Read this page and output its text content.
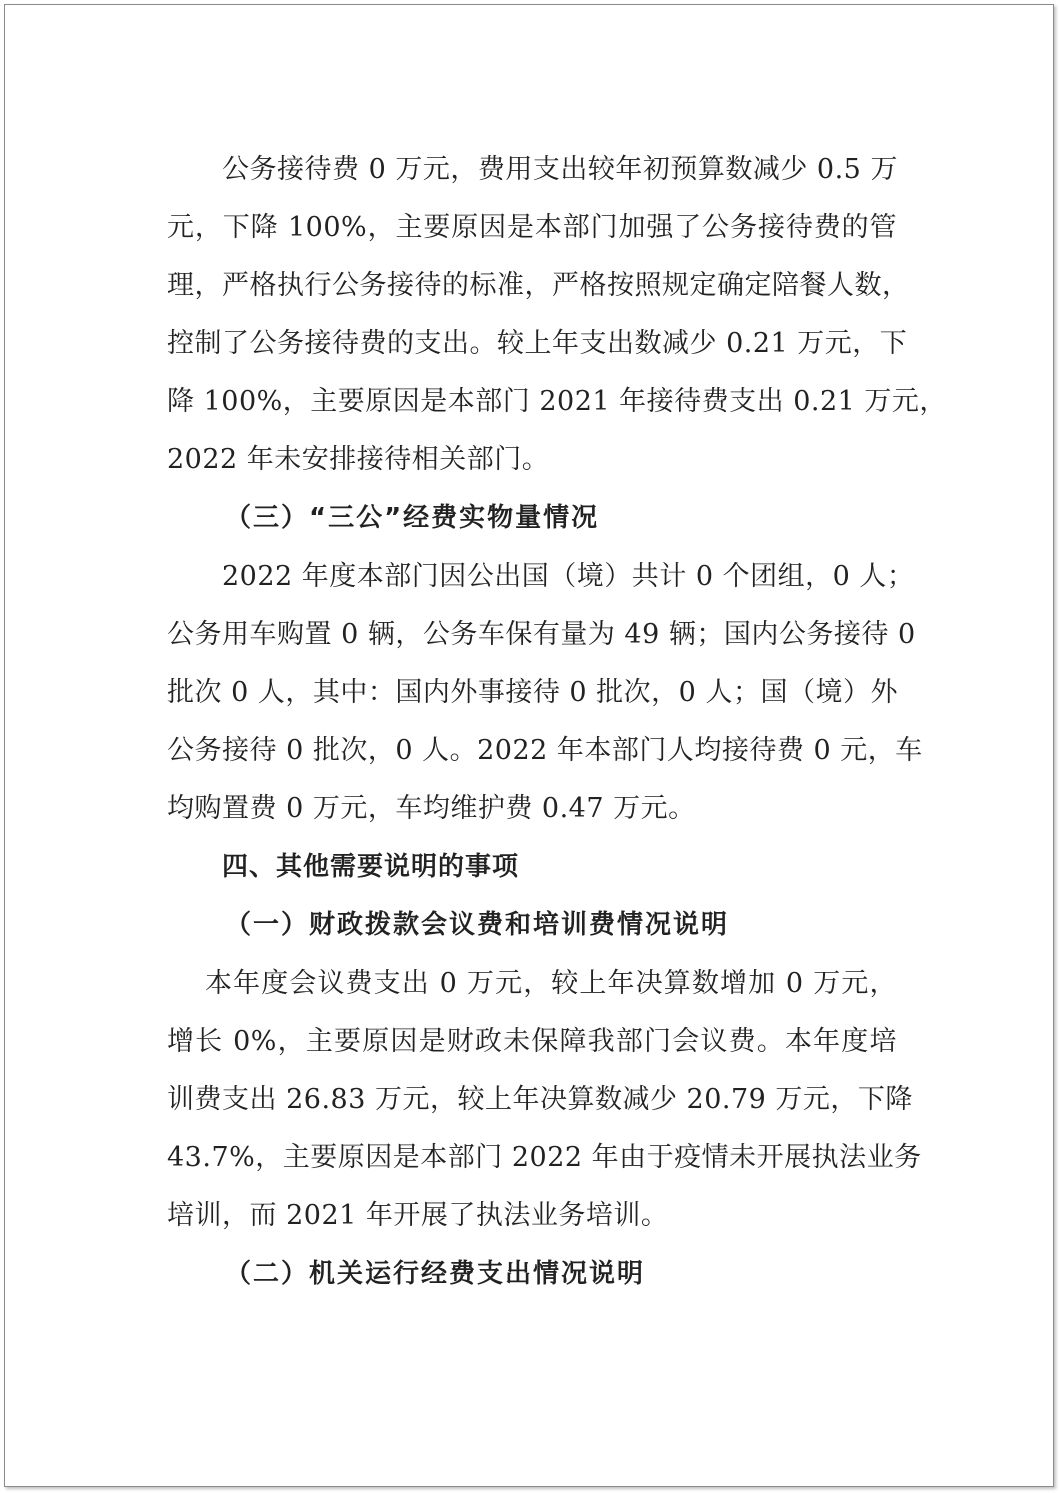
公务接待费 0 万元，费用支出较年初预算数减少 0.5 万
元，下降 100%，主要原因是本部门加强了公务接待费的管
理，严格执行公务接待的标准，严格按照规定确定陪餐人数，
控制了公务接待费的支出。较上年支出数减少 0.21 万元，下
降 100%，主要原因是本部门 2021 年接待费支出 0.21 万元，
2022 年未安排接待相关部门。
（三）“三公”经费实物量情况
2022 年度本部门因公出国（境）共计 0 个团组，0 人；
公务用车购置 0 辆，公务车保有量为 49 辆；国内公务接待 0
批次 0 人，其中：国内外事接待 0 批次，0 人；国（境）外
公务接待 0 批次，0 人。2022 年本部门人均接待费 0 元，车
均购置费 0 万元，车均维护费 0.47 万元。
四、其他需要说明的事项
（一）财政拨款会议费和培训费情况说明
本年度会议费支出 0 万元，较上年决算数增加 0 万元，
增长 0%，主要原因是财政未保障我部门会议费。本年度培
训费支出 26.83 万元，较上年决算数减少 20.79 万元，下降
43.7%，主要原因是本部门 2022 年由于疫情未开展执法业务
培训，而 2021 年开展了执法业务培训。
（二）机关运行经费支出情况说明
